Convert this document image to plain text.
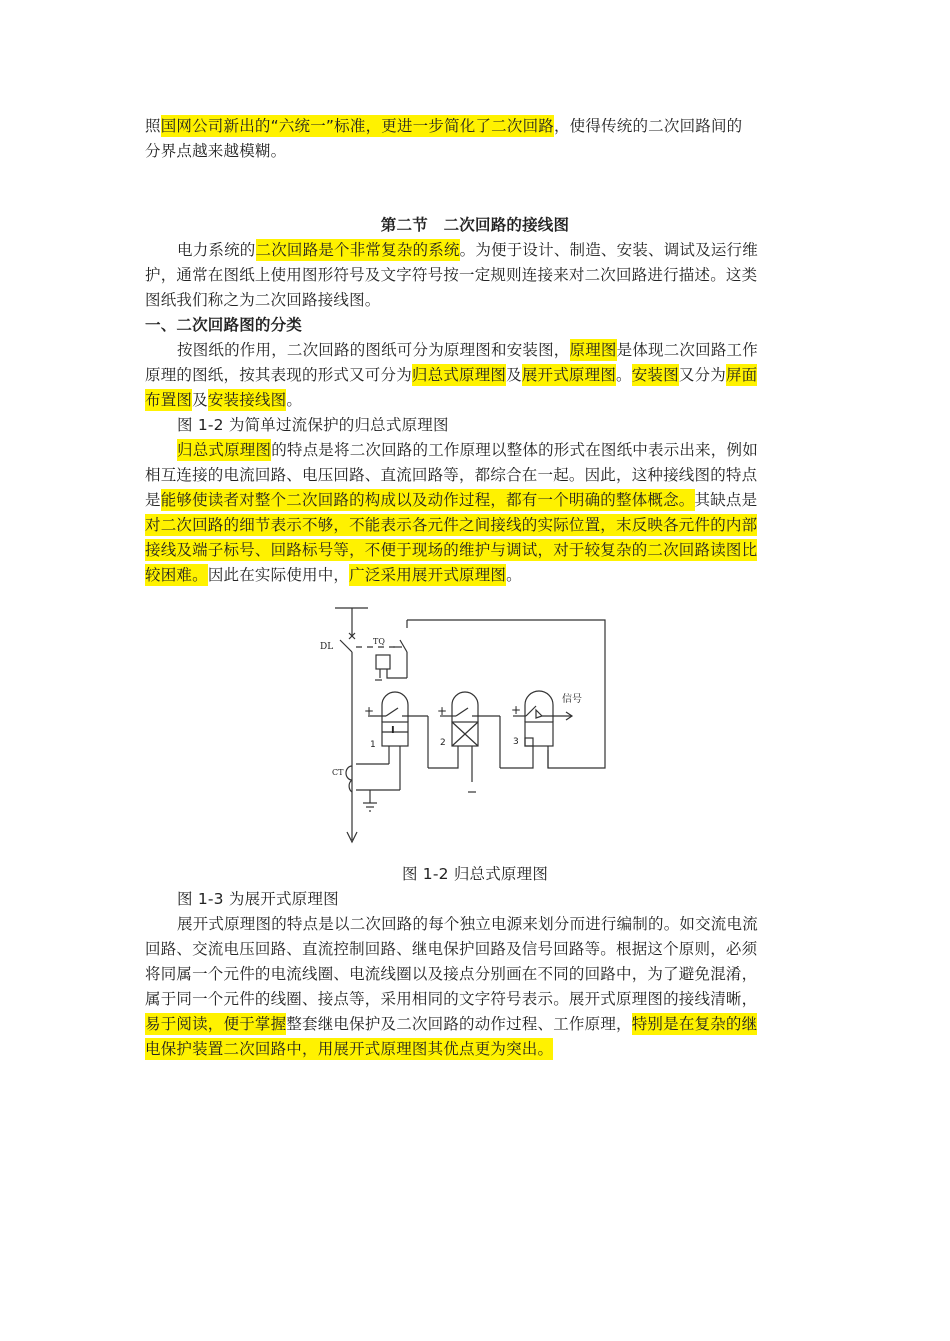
照国网公司新出的“六统一”标准，更进一步简化了二次回路，使得传统的二次回路间的
分界点越来越模糊。
第二节　二次回路的接线图
电力系统的二次回路是个非常复杂的系统。为便于设计、制造、安装、调试及运行维
护，通常在图纸上使用图形符号及文字符号按一定规则连接来对二次回路进行描述。这类
图纸我们称之为二次回路接线图。
一、二次回路图的分类
按图纸的作用，二次回路的图纸可分为原理图和安装图，原理图是体现二次回路工作
原理的图纸，按其表现的形式又可分为归总式原理图及展开式原理图。安装图又分为屏面
布置图及安装接线图。
图 1-2 为简单过流保护的归总式原理图
归总式原理图的特点是将二次回路的工作原理以整体的形式在图纸中表示出来，例如
相互连接的电流回路、电压回路、直流回路等，都综合在一起。因此，这种接线图的特点
是能够使读者对整个二次回路的构成以及动作过程，都有一个明确的整体概念。其缺点是
对二次回路的细节表示不够，不能表示各元件之间接线的实际位置，末反映各元件的内部
接线及端子标号、回路标号等，不便于现场的维护与调试，对于较复杂的二次回路读图比
较困难。因此在实际使用中，广泛采用展开式原理图。
DL
TQ
CT
信号
1	2	3
I
+	+	+
图 1-2 归总式原理图
图 1-3 为展开式原理图
展开式原理图的特点是以二次回路的每个独立电源来划分而进行编制的。如交流电流
回路、交流电压回路、直流控制回路、继电保护回路及信号回路等。根据这个原则，必须
将同属一个元件的电流线圈、电流线圈以及接点分别画在不同的回路中，为了避免混淆，
属于同一个元件的线圈、接点等，采用相同的文字符号表示。展开式原理图的接线清晰，
易于阅读，便于掌握整套继电保护及二次回路的动作过程、工作原理，特别是在复杂的继
电保护装置二次回路中，用展开式原理图其优点更为突出。
